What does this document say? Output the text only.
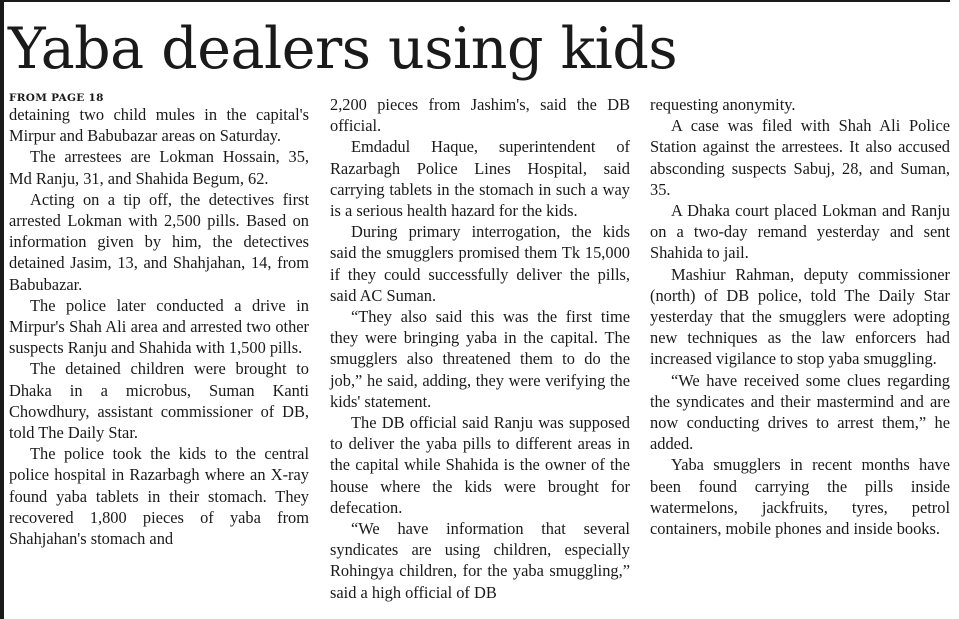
Yaba dealers using kids
FROM PAGE 18

detaining two child mules in the capital's Mirpur and Babubazar areas on Saturday.

The arrestees are Lokman Hossain, 35, Md Ranju, 31, and Shahida Begum, 62.

Acting on a tip off, the detectives first arrested Lokman with 2,500 pills. Based on information given by him, the detectives detained Jasim, 13, and Shahjahan, 14, from Babubazar.

The police later conducted a drive in Mirpur's Shah Ali area and arrested two other suspects Ranju and Shahida with 1,500 pills.

The detained children were brought to Dhaka in a microbus, Suman Kanti Chowdhury, assistant commissioner of DB, told The Daily Star.

The police took the kids to the central police hospital in Razarbagh where an X-ray found yaba tablets in their stomach. They recovered 1,800 pieces of yaba from Shahjahan's stomach and

2,200 pieces from Jashim's, said the DB official.

Emdadul Haque, superintendent of Razarbagh Police Lines Hospital, said carrying tablets in the stomach in such a way is a serious health hazard for the kids.

During primary interrogation, the kids said the smugglers promised them Tk 15,000 if they could successfully deliver the pills, said AC Suman.

“They also said this was the first time they were bringing yaba in the capital. The smugglers also threatened them to do the job,” he said, adding, they were verifying the kids' statement.

The DB official said Ranju was supposed to deliver the yaba pills to different areas in the capital while Shahida is the owner of the house where the kids were brought for defecation.

“We have information that several syndicates are using children, especially Rohingya children, for the yaba smuggling,” said a high official of DB

requesting anonymity.

A case was filed with Shah Ali Police Station against the arrestees. It also accused absconding suspects Sabuj, 28, and Suman, 35.

A Dhaka court placed Lokman and Ranju on a two-day remand yesterday and sent Shahida to jail.

Mashiur Rahman, deputy commissioner (north) of DB police, told The Daily Star yesterday that the smugglers were adopting new techniques as the law enforcers had increased vigilance to stop yaba smuggling.

“We have received some clues regarding the syndicates and their mastermind and are now conducting drives to arrest them,” he added.

Yaba smugglers in recent months have been found carrying the pills inside watermelons, jackfruits, tyres, petrol containers, mobile phones and inside books.
